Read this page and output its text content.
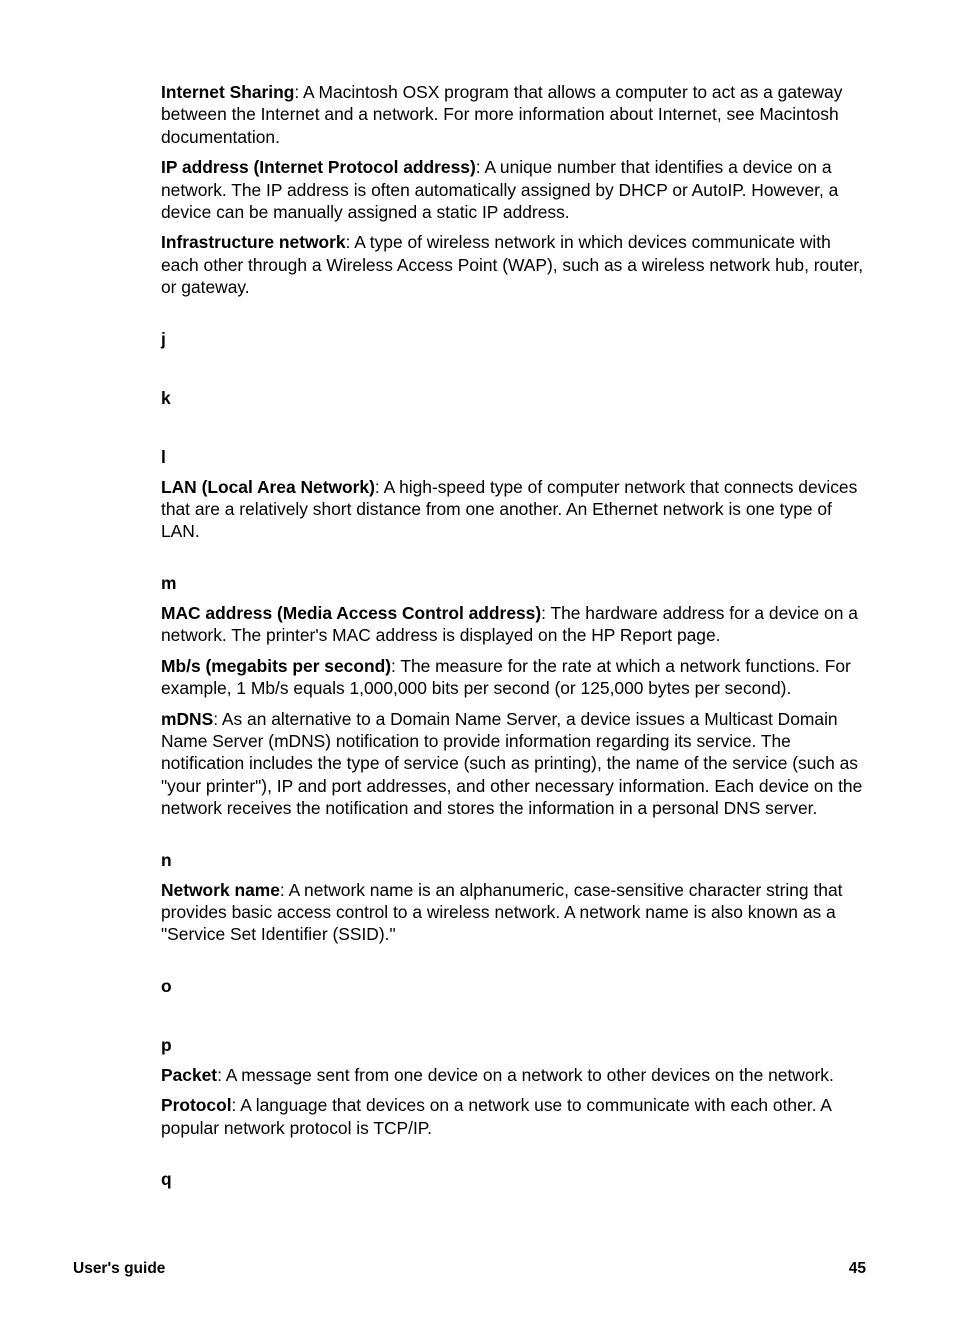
Internet Sharing: A Macintosh OSX program that allows a computer to act as a gateway between the Internet and a network. For more information about Internet, see Macintosh documentation.

IP address (Internet Protocol address): A unique number that identifies a device on a network. The IP address is often automatically assigned by DHCP or AutoIP. However, a device can be manually assigned a static IP address.

Infrastructure network: A type of wireless network in which devices communicate with each other through a Wireless Access Point (WAP), such as a wireless network hub, router, or gateway.

j
k
l

LAN (Local Area Network): A high-speed type of computer network that connects devices that are a relatively short distance from one another. An Ethernet network is one type of LAN.

m

MAC address (Media Access Control address): The hardware address for a device on a network. The printer's MAC address is displayed on the HP Report page.

Mb/s (megabits per second): The measure for the rate at which a network functions. For example, 1 Mb/s equals 1,000,000 bits per second (or 125,000 bytes per second).

mDNS: As an alternative to a Domain Name Server, a device issues a Multicast Domain Name Server (mDNS) notification to provide information regarding its service. The notification includes the type of service (such as printing), the name of the service (such as "your printer"), IP and port addresses, and other necessary information. Each device on the network receives the notification and stores the information in a personal DNS server.

n

Network name: A network name is an alphanumeric, case-sensitive character string that provides basic access control to a wireless network. A network name is also known as a "Service Set Identifier (SSID)."

o
p

Packet: A message sent from one device on a network to other devices on the network.

Protocol: A language that devices on a network use to communicate with each other. A popular network protocol is TCP/IP.

q
User's guide	45
